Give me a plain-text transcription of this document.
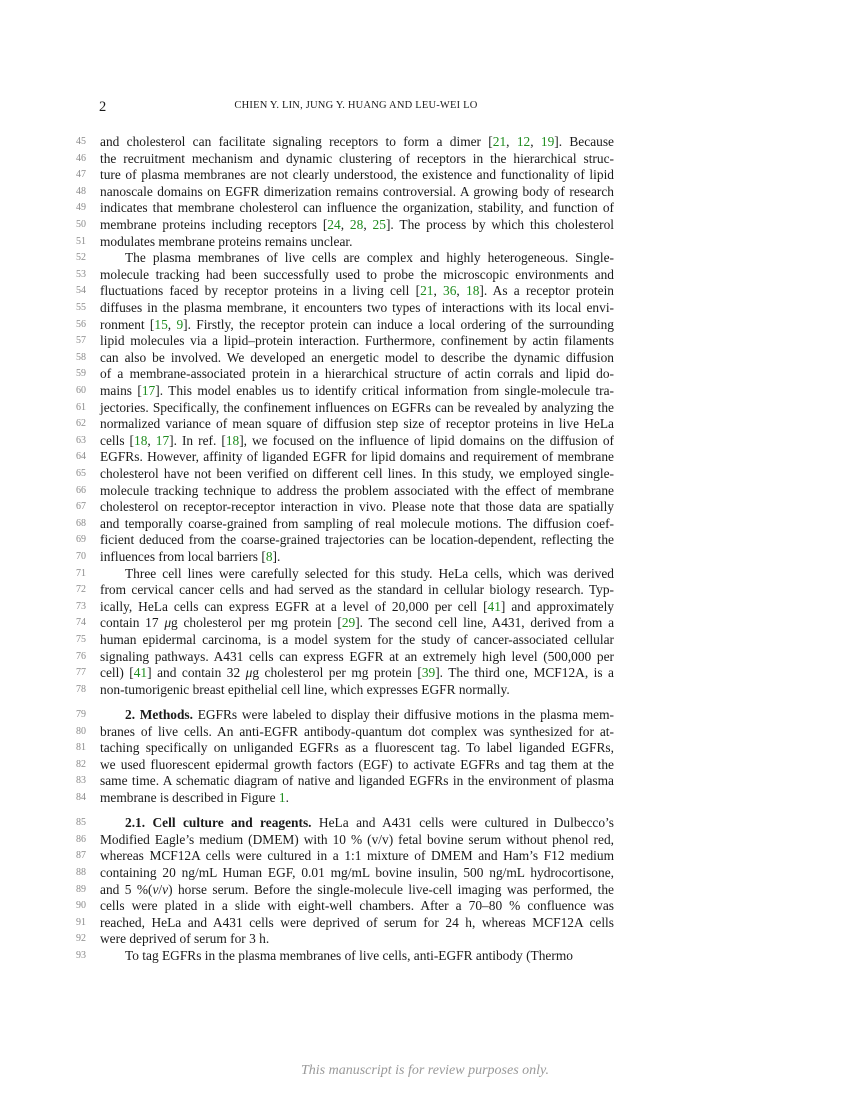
2	CHIEN Y. LIN, JUNG Y. HUANG AND LEU-WEI LO
45 and cholesterol can facilitate signaling receptors to form a dimer [21, 12, 19]. Because
46 the recruitment mechanism and dynamic clustering of receptors in the hierarchical struc-
47 ture of plasma membranes are not clearly understood, the existence and functionality of lipid
48 nanoscale domains on EGFR dimerization remains controversial. A growing body of research
49 indicates that membrane cholesterol can influence the organization, stability, and function of
50 membrane proteins including receptors [24, 28, 25]. The process by which this cholesterol
51 modulates membrane proteins remains unclear.
52	The plasma membranes of live cells are complex and highly heterogeneous. Single-
53 molecule tracking had been successfully used to probe the microscopic environments and
54 fluctuations faced by receptor proteins in a living cell [21, 36, 18]. As a receptor protein
55 diffuses in the plasma membrane, it encounters two types of interactions with its local envi-
56 ronment [15, 9]. Firstly, the receptor protein can induce a local ordering of the surrounding
57 lipid molecules via a lipid–protein interaction. Furthermore, confinement by actin filaments
58 can also be involved. We developed an energetic model to describe the dynamic diffusion
59 of a membrane-associated protein in a hierarchical structure of actin corrals and lipid do-
60 mains [17]. This model enables us to identify critical information from single-molecule tra-
61 jectories. Specifically, the confinement influences on EGFRs can be revealed by analyzing the
62 normalized variance of mean square of diffusion step size of receptor proteins in live HeLa
63 cells [18, 17]. In ref. [18], we focused on the influence of lipid domains on the diffusion of
64 EGFRs. However, affinity of liganded EGFR for lipid domains and requirement of membrane
65 cholesterol have not been verified on different cell lines. In this study, we employed single-
66 molecule tracking technique to address the problem associated with the effect of membrane
67 cholesterol on receptor-receptor interaction in vivo. Please note that those data are spatially
68 and temporally coarse-grained from sampling of real molecule motions. The diffusion coef-
69 ficient deduced from the coarse-grained trajectories can be location-dependent, reflecting the
70 influences from local barriers [8].
71	Three cell lines were carefully selected for this study. HeLa cells, which was derived
72 from cervical cancer cells and had served as the standard in cellular biology research. Typ-
73 ically, HeLa cells can express EGFR at a level of 20,000 per cell [41] and approximately
74 contain 17 μg cholesterol per mg protein [29]. The second cell line, A431, derived from a
75 human epidermal carcinoma, is a model system for the study of cancer-associated cellular
76 signaling pathways. A431 cells can express EGFR at an extremely high level (500,000 per
77 cell) [41] and contain 32 μg cholesterol per mg protein [39]. The third one, MCF12A, is a
78 non-tumorigenic breast epithelial cell line, which expresses EGFR normally.
79	2. Methods. EGFRs were labeled to display their diffusive motions in the plasma mem-
80 branes of live cells. An anti-EGFR antibody-quantum dot complex was synthesized for at-
81 taching specifically on unliganded EGFRs as a fluorescent tag. To label liganded EGFRs,
82 we used fluorescent epidermal growth factors (EGF) to activate EGFRs and tag them at the
83 same time. A schematic diagram of native and liganded EGFRs in the environment of plasma
84 membrane is described in Figure 1.
85	2.1. Cell culture and reagents. HeLa and A431 cells were cultured in Dulbecco’s
86 Modified Eagle’s medium (DMEM) with 10 % (v/v) fetal bovine serum without phenol red,
87 whereas MCF12A cells were cultured in a 1:1 mixture of DMEM and Ham’s F12 medium
88 containing 20 ng/mL Human EGF, 0.01 mg/mL bovine insulin, 500 ng/mL hydrocortisone,
89 and 5 %(v/v) horse serum. Before the single-molecule live-cell imaging was performed, the
90 cells were plated in a slide with eight-well chambers. After a 70–80 % confluence was
91 reached, HeLa and A431 cells were deprived of serum for 24 h, whereas MCF12A cells
92 were deprived of serum for 3 h.
93	To tag EGFRs in the plasma membranes of live cells, anti-EGFR antibody (Thermo
This manuscript is for review purposes only.
